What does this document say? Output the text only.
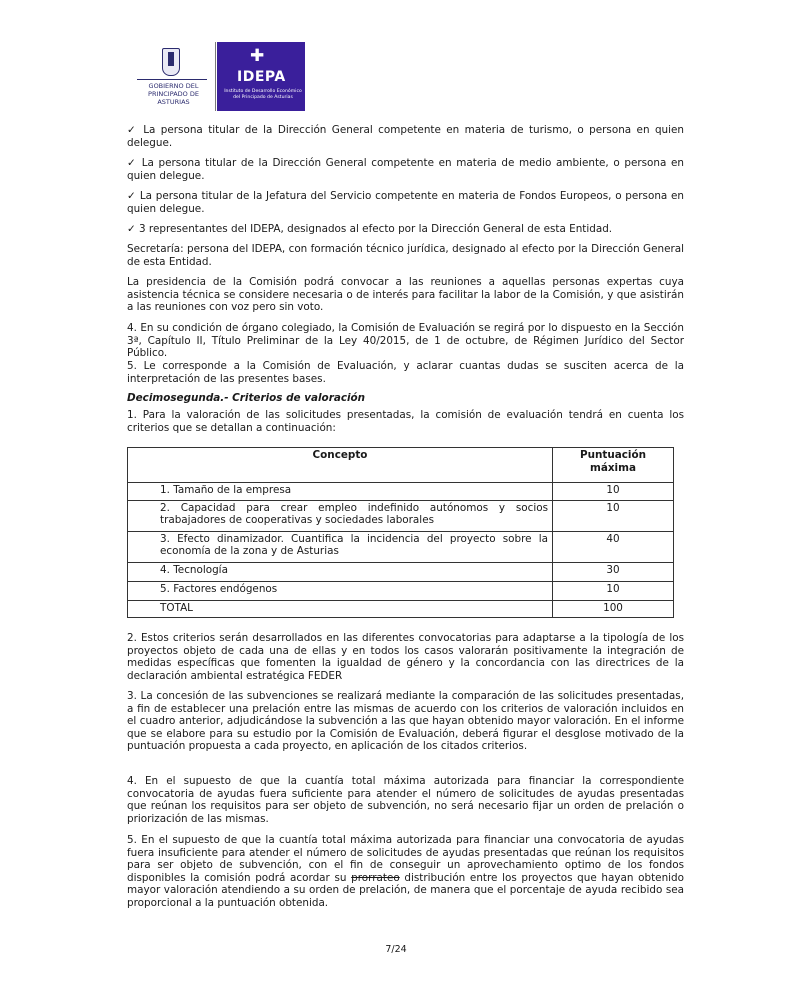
GOBIERNO DEL PRINCIPADO DE ASTURIAS
✚
IDEPA
Instituto de Desarrollo Económico del Principado de Asturias

✓ La persona titular de la Dirección General competente en materia de turismo, o persona en quien delegue.

✓ La persona titular de la Dirección General competente en materia de medio ambiente, o persona en quien delegue.

✓ La persona titular de la Jefatura del Servicio competente en materia de Fondos Europeos, o persona en quien delegue.

✓ 3 representantes del IDEPA, designados al efecto por la Dirección General de esta Entidad.

Secretaría: persona del IDEPA, con formación técnico jurídica, designado al efecto por la Dirección General de esta Entidad.

La presidencia de la Comisión podrá convocar a las reuniones a aquellas personas expertas cuya asistencia técnica se considere necesaria o de interés para facilitar la labor de la Comisión, y que asistirán a las reuniones con voz pero sin voto.

4. En su condición de órgano colegiado, la Comisión de Evaluación se regirá por lo dispuesto en la Sección 3ª, Capítulo II, Título Preliminar de la Ley 40/2015, de 1 de octubre, de Régimen Jurídico del Sector Público.

5. Le corresponde a la Comisión de Evaluación, y aclarar cuantas dudas se susciten acerca de la interpretación de las presentes bases.

Decimosegunda.- Criterios de valoración

1. Para la valoración de las solicitudes presentadas, la comisión de evaluación tendrá en cuenta los criterios que se detallan a continuación:

Concepto	Puntuación máxima
1. Tamaño de la empresa	10
2. Capacidad para crear empleo indefinido autónomos y socios trabajadores de cooperativas y sociedades laborales	10
3. Efecto dinamizador. Cuantifica la incidencia del proyecto sobre la economía de la zona y de Asturias	40
4. Tecnología	30
5. Factores endógenos	10
TOTAL	100

2. Estos criterios serán desarrollados en las diferentes convocatorias para adaptarse a la tipología de los proyectos objeto de cada una de ellas y en todos los casos valorarán positivamente la integración de medidas específicas que fomenten la igualdad de género y la concordancia con las directrices de la declaración ambiental estratégica FEDER

3. La concesión de las subvenciones se realizará mediante la comparación de las solicitudes presentadas, a fin de establecer una prelación entre las mismas de acuerdo con los criterios de valoración incluidos en el cuadro anterior, adjudicándose la subvención a las que hayan obtenido mayor valoración. En el informe que se elabore para su estudio por la Comisión de Evaluación, deberá figurar el desglose motivado de la puntuación propuesta a cada proyecto, en aplicación de los citados criterios.

4. En el supuesto de que la cuantía total máxima autorizada para financiar la correspondiente convocatoria de ayudas fuera suficiente para atender el número de solicitudes de ayudas presentadas que reúnan los requisitos para ser objeto de subvención, no será necesario fijar un orden de prelación o priorización de las mismas.

5. En el supuesto de que la cuantía total máxima autorizada para financiar una convocatoria de ayudas fuera insuficiente para atender el número de solicitudes de ayudas presentadas que reúnan los requisitos para ser objeto de subvención, con el fin de conseguir un aprovechamiento optimo de los fondos disponibles la comisión podrá acordar su prorrateo distribución entre los proyectos que hayan obtenido mayor valoración atendiendo a su orden de prelación, de manera que el porcentaje de ayuda recibido sea proporcional a la puntuación obtenida.

7/24
